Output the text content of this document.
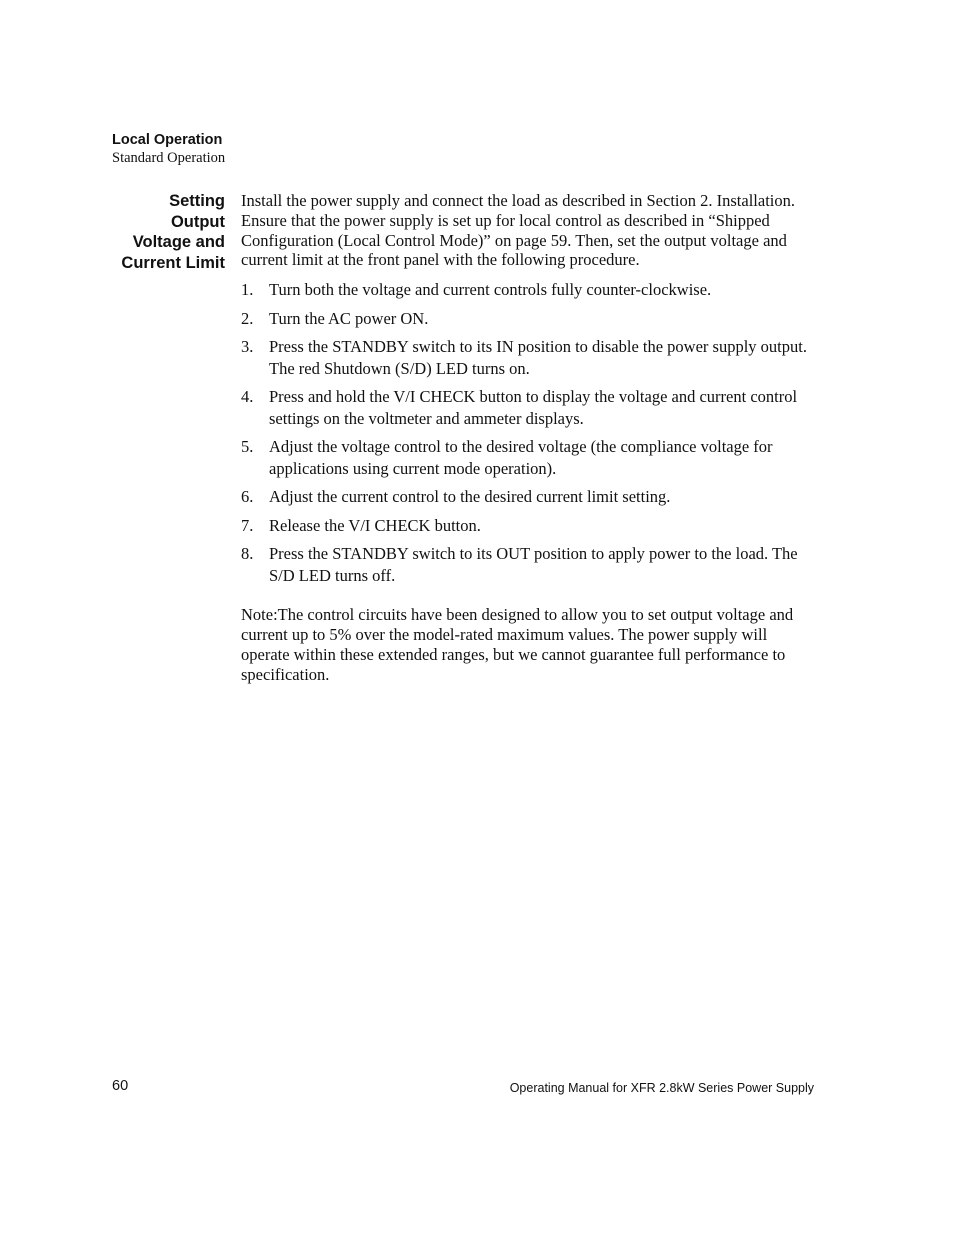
Local Operation
Standard Operation
Setting
Output
Voltage and
Current Limit

Install the power supply and connect the load as described in Section 2. Installation. Ensure that the power supply is set up for local control as described in “Shipped Configuration (Local Control Mode)” on page 59. Then, set the output voltage and current limit at the front panel with the following procedure.

1. Turn both the voltage and current controls fully counter-clockwise.
2. Turn the AC power ON.
3. Press the STANDBY switch to its IN position to disable the power supply output. The red Shutdown (S/D) LED turns on.
4. Press and hold the V/I CHECK button to display the voltage and current control settings on the voltmeter and ammeter displays.
5. Adjust the voltage control to the desired voltage (the compliance voltage for applications using current mode operation).
6. Adjust the current control to the desired current limit setting.
7. Release the V/I CHECK button.
8. Press the STANDBY switch to its OUT position to apply power to the load. The S/D LED turns off.

Note:The control circuits have been designed to allow you to set output voltage and current up to 5% over the model-rated maximum values. The power supply will operate within these extended ranges, but we cannot guarantee full performance to specification.

60	Operating Manual for XFR 2.8kW Series Power Supply
